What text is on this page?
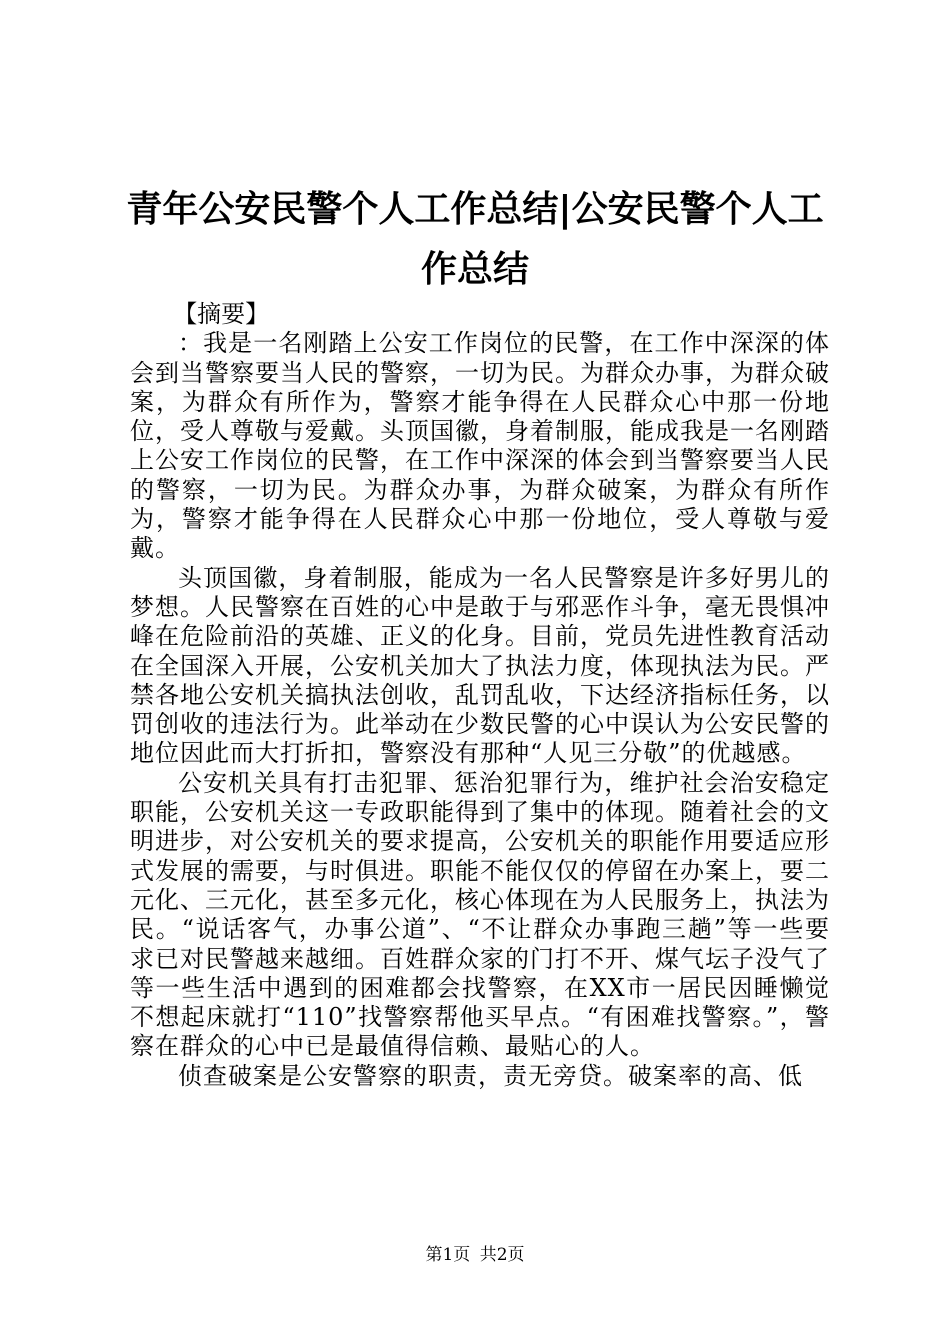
青年公安民警个人工作总结|公安民警个人工作总结

【摘要】

：我是一名刚踏上公安工作岗位的民警，在工作中深深的体会到当警察要当人民的警察，一切为民。为群众办事，为群众破案，为群众有所作为，警察才能争得在人民群众心中那一份地位，受人尊敬与爱戴。头顶国徽，身着制服，能成我是一名刚踏上公安工作岗位的民警，在工作中深深的体会到当警察要当人民的警察，一切为民。为群众办事，为群众破案，为群众有所作为，警察才能争得在人民群众心中那一份地位，受人尊敬与爱戴。

头顶国徽，身着制服，能成为一名人民警察是许多好男儿的梦想。人民警察在百姓的心中是敢于与邪恶作斗争，毫无畏惧冲峰在危险前沿的英雄、正义的化身。目前，党员先进性教育活动在全国深入开展，公安机关加大了执法力度，体现执法为民。严禁各地公安机关搞执法创收，乱罚乱收，下达经济指标任务，以罚创收的违法行为。此举动在少数民警的心中误认为公安民警的地位因此而大打折扣，警察没有那种“人见三分敬”的优越感。

公安机关具有打击犯罪、惩治犯罪行为，维护社会治安稳定职能，公安机关这一专政职能得到了集中的体现。随着社会的文明进步，对公安机关的要求提高，公安机关的职能作用要适应形式发展的需要，与时俱进。职能不能仅仅的停留在办案上，要二元化、三元化，甚至多元化，核心体现在为人民服务上，执法为民。“说话客气，办事公道”、“不让群众办事跑三趟”等一些要求已对民警越来越细。百姓群众家的门打不开、煤气坛子没气了等一些生活中遇到的困难都会找警察，在XX市一居民因睡懒觉不想起床就打“110”找警察帮他买早点。“有困难找警察。”，警察在群众的心中已是最值得信赖、最贴心的人。

侦查破案是公安警察的职责，责无旁贷。破案率的高、低

第1页 共2页
